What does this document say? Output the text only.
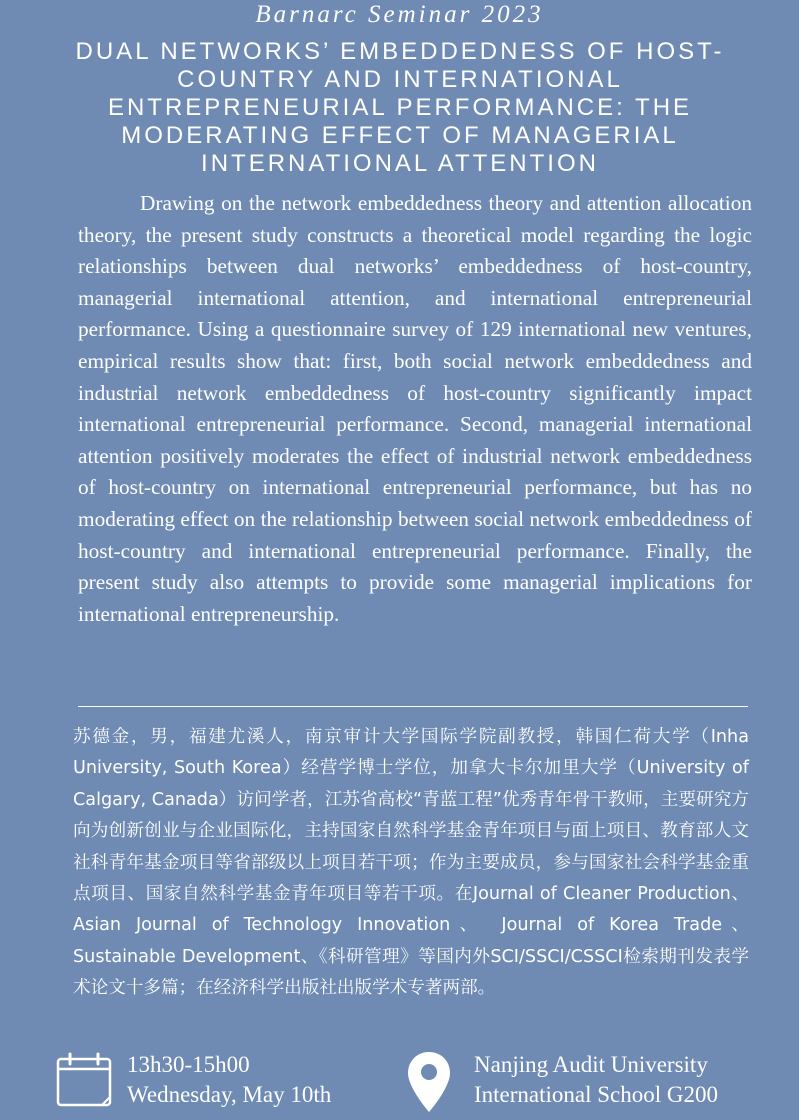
Barnarc Seminar 2023
DUAL NETWORKS’ EMBEDDEDNESS OF HOST-COUNTRY AND INTERNATIONAL ENTREPRENEURIAL PERFORMANCE: THE MODERATING EFFECT OF MANAGERIAL INTERNATIONAL ATTENTION

Drawing on the network embeddedness theory and attention allocation theory, the present study constructs a theoretical model regarding the logic relationships between dual networks’ embeddedness of host-country, managerial international attention, and international entrepreneurial performance. Using a questionnaire survey of 129 international new ventures, empirical results show that: first, both social network embeddedness and industrial network embeddedness of host-country significantly impact international entrepreneurial performance. Second, managerial international attention positively moderates the effect of industrial network embeddedness of host-country on international entrepreneurial performance, but has no moderating effect on the relationship between social network embeddedness of host-country and international entrepreneurial performance. Finally, the present study also attempts to provide some managerial implications for international entrepreneurship.

苏德金，男，福建尤溪人，南京审计大学国际学院副教授，韩国仁荷大学（Inha University, South Korea）经营学博士学位，加拿大卡尔加里大学（University of Calgary, Canada）访问学者，江苏省高校“青蓝工程”优秀青年骨干教师，主要研究方向为创新创业与企业国际化，主持国家自然科学基金青年项目与面上项目、教育部人文社科青年基金项目等省部级以上项目若干项；作为主要成员，参与国家社会科学基金重点项目、国家自然科学基金青年项目等若干项。在Journal of Cleaner Production、Asian Journal of Technology Innovation、 Journal of Korea Trade、Sustainable Development、《科研管理》等国内外SCI/SSCI/CSSCI检索期刊发表学术论文十多篇；在经济科学出版社出版学术专著两部。

13h30-15h00
Wednesday, May 10th
Nanjing Audit University
International School G200
